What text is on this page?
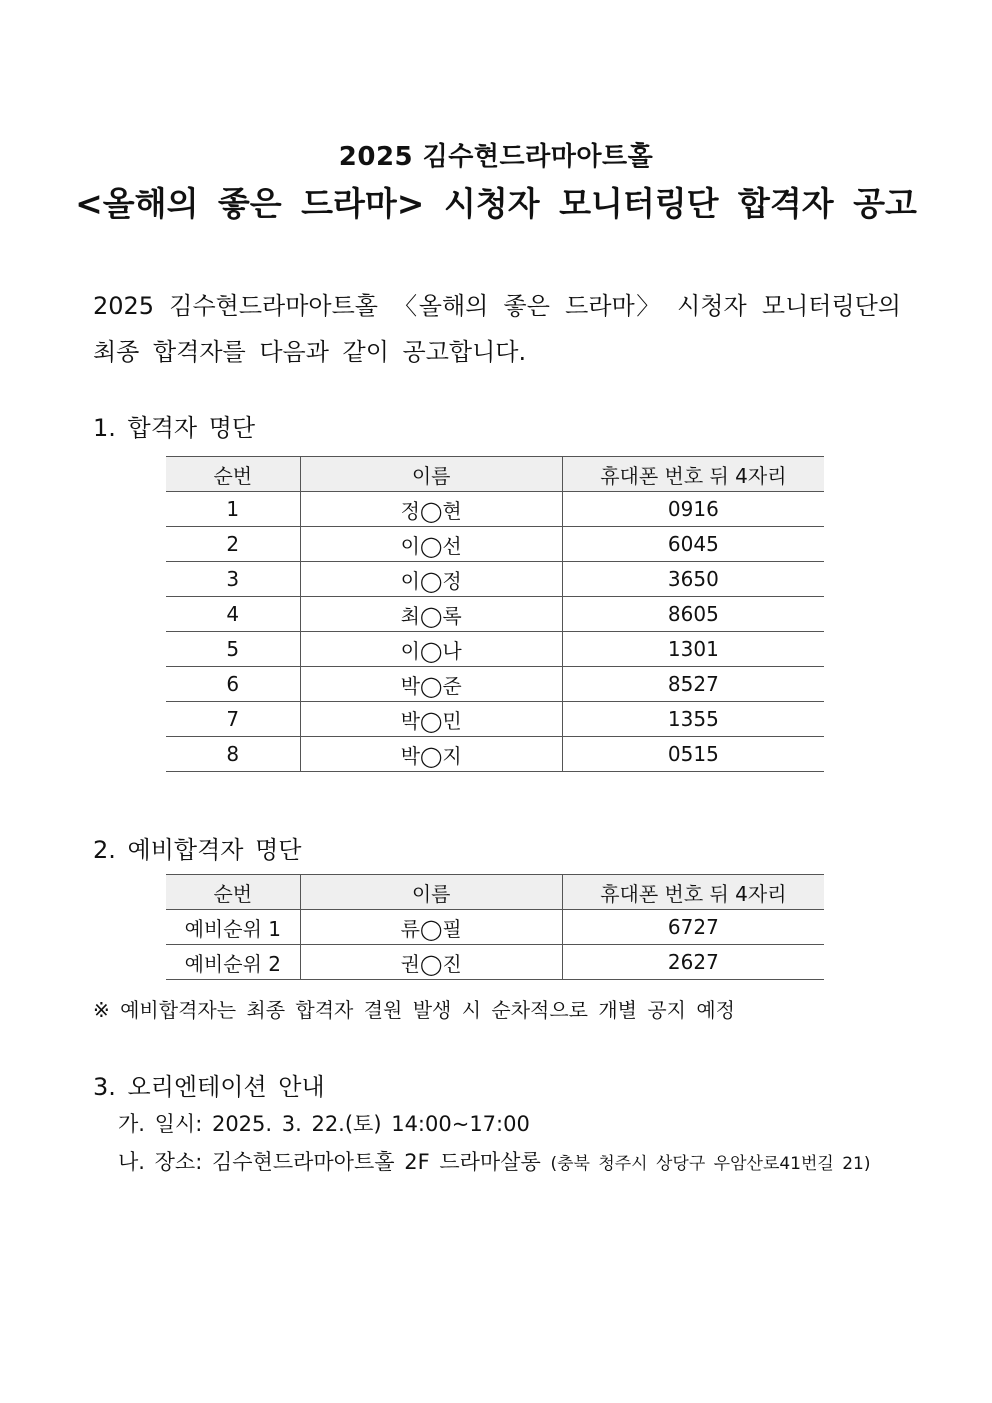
2025 김수현드라마아트홀
<올해의 좋은 드라마> 시청자 모니터링단 합격자 공고

2025 김수현드라마아트홀 〈올해의 좋은 드라마〉 시청자 모니터링단의

최종 합격자를 다음과 같이 공고합니다.

1. 합격자 명단
순번	이름	휴대폰 번호 뒤 4자리
1	정◯현	0916
2	이◯선	6045
3	이◯정	3650
4	최◯록	8605
5	이◯나	1301
6	박◯준	8527
7	박◯민	1355
8	박◯지	0515
2. 예비합격자 명단
순번	이름	휴대폰 번호 뒤 4자리
예비순위 1	류◯필	6727
예비순위 2	권◯진	2627
※ 예비합격자는 최종 합격자 결원 발생 시 순차적으로 개별 공지 예정
3. 오리엔테이션 안내
가. 일시: 2025. 3. 22.(토) 14:00~17:00
나. 장소: 김수현드라마아트홀 2F 드라마살롱 (충북 청주시 상당구 우암산로41번길 21)
